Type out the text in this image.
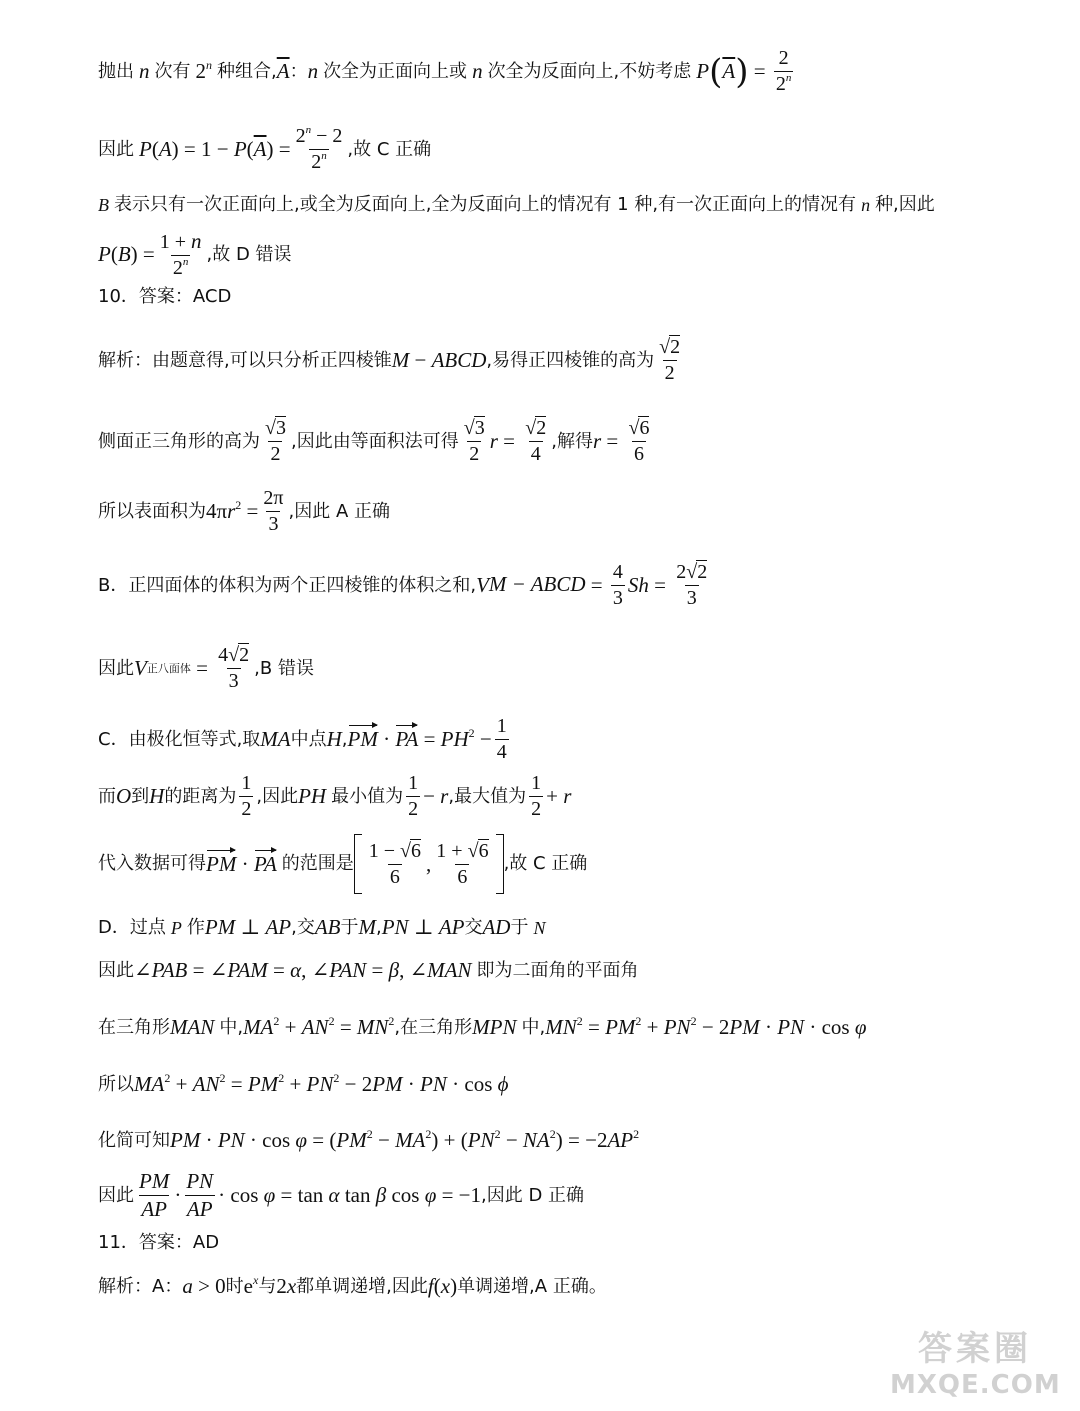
抛出 n 次有 2$^n$ 种组合, $\overline{A}$ ： n 次全为正面向上或 n 次全为反面向上,不妨考虑 P ( $\overline{A}$ ) = $\frac{2}{2^n}$
因此 $P(A) = 1 - P(\overline{A}) = \frac{2^n - 2}{2^n}$ ,故 C 正确
B 表示只有一次正面向上,或全为反面向上,全为反面向上的情况有 1 种,有一次正面向上的情况有 n 种,因此
$P(B) = \frac{1 + n}{2^n}$ ,故 D 错误
10．答案：ACD
解析：由题意得,可以只分析正四棱锥 M − ABCD ,易得正四棱锥的高为 $\frac{√2}{2}$
侧面正三角形的高为 $\frac{√3}{2}$ ,因此由等面积法可得 $\frac{√3}{2}$ $r = \frac{√2}{4}$ ,解得 $r = \frac{√6}{6}$
所以表面积为 $4\pi r^2 = \frac{2\pi}{3}$ ,因此 A 正确
B．正四面体的体积为两个正四棱锥的体积之和, V M − ABCD = $\frac{4}{3}$ $Sh = \frac{2√2}{3}$
因此 V 正八面体 = $\frac{4√2}{3} ,B$ 错误
C．由极化恒等式,取 MA 中点 H , PM · PA = $PH^2 - \frac{1}{4}$
而 O 到 H 的距离为 $\frac{1}{2}$ ,因此 PH 最小值为 $\frac{1}{2} - r$ ,最大值为 $\frac{1}{2} + r$
代入数据可得 PM · PA 的范围是 $\frac{1 - √6}{6}$ , $\frac{1 + √6}{6}$ ,故 C 正确
D．过点 P 作 PM ⊥ AP ,交 AB 于 M , PN ⊥ AP 交 AD 于 N
因此 ∠PAB = ∠PAM = α, ∠PAN = β, ∠MAN 即为二面角的平面角
在三角形 MAN 中, $MA^2 + AN^2 = MN^2$ ,在三角形 MPN 中, $MN^2 = PM^2 + PN^2 - 2PM$ · PN · cos φ
所以 $MA^2 + AN^2 = PM^2 + PN^2 - 2PM$ · PN · cos ϕ
化简可知 PM · PN · $\cos \varphi = (PM^2 - MA^2) + (PN^2 - NA^2) = -2AP^2$
因此 $\frac{PM}{AP} \cdot \frac{PN}{AP} \cdot \cos \varphi = \tan \alpha$ tan β cos φ = −1 ,因此 D 正确
11．答案：AD
解析：A： a > 0 时 $e^x$ 与 2x 都单调递增,因此 f(x) 单调递增,A 正确。
答案圈
MXQE.COM
